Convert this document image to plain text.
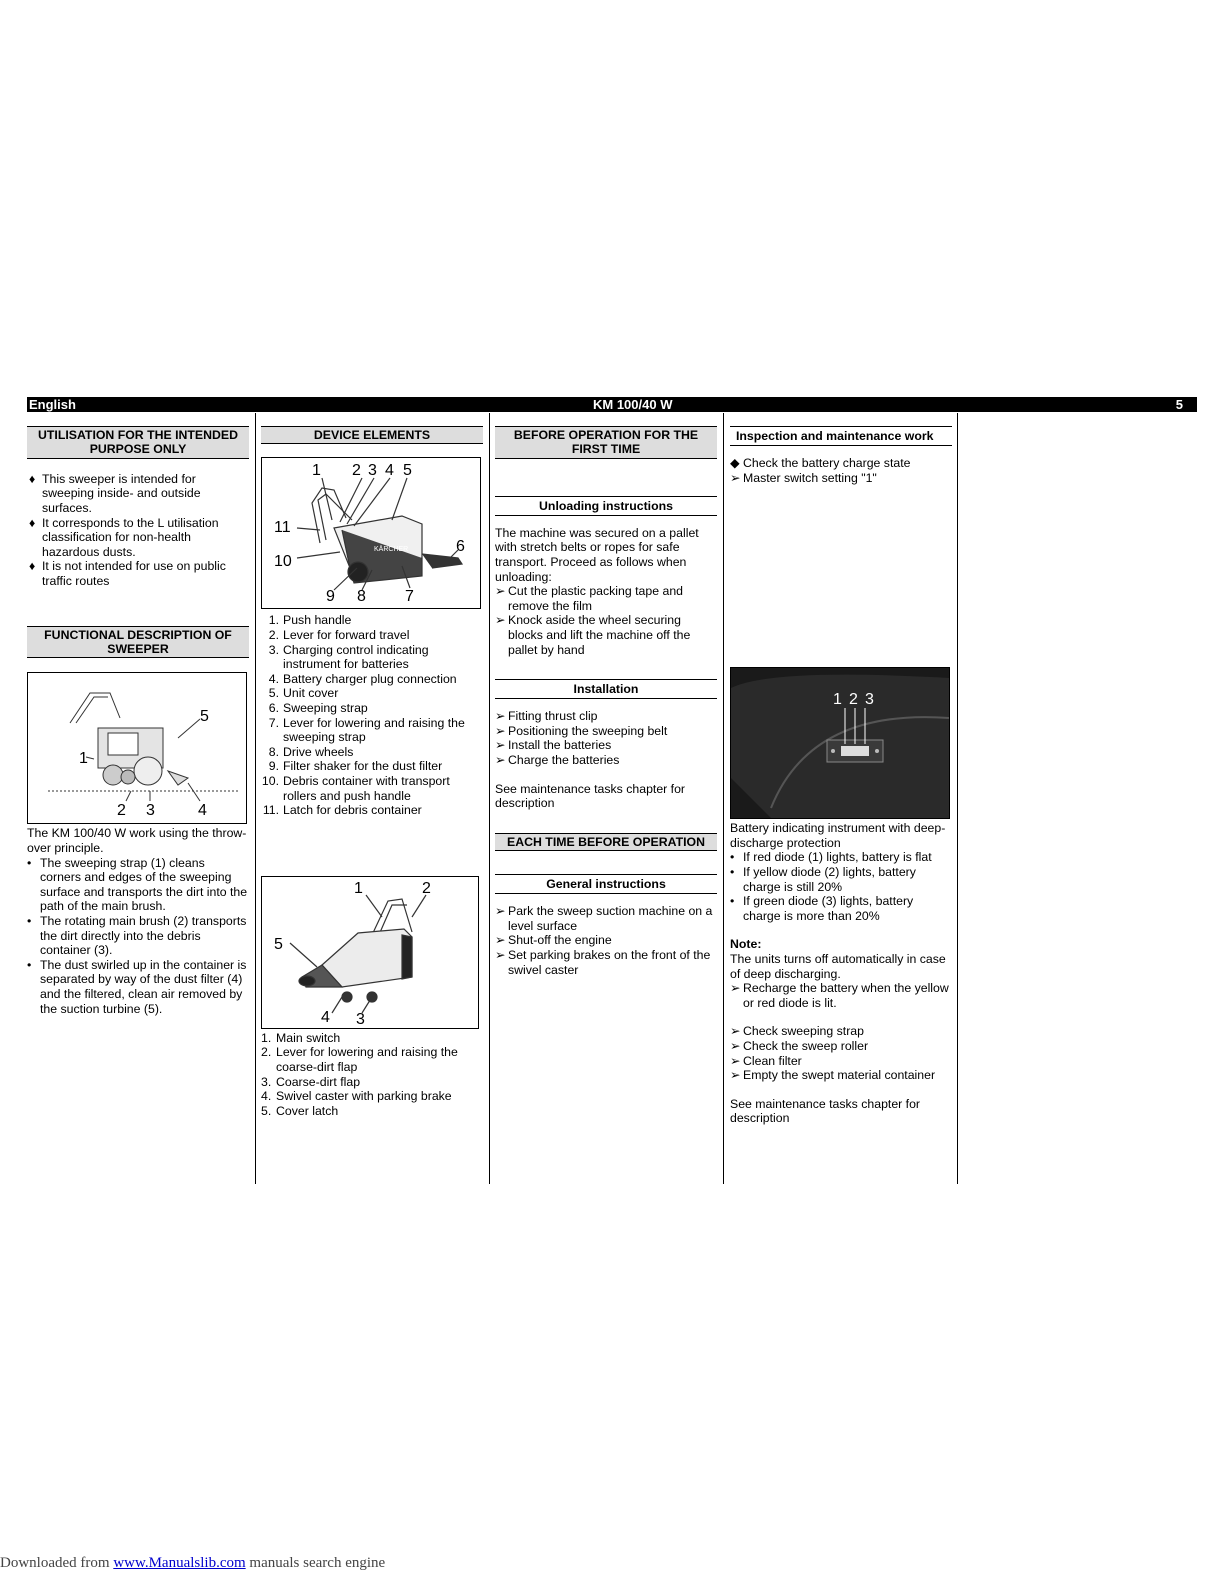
English	KM 100/40 W	5
UTILISATION FOR THE INTENDED PURPOSE ONLY
♦ This sweeper is intended for sweeping inside- and outside surfaces.
♦ It corresponds to the L utilisation classification for non-health hazardous dusts.
♦ It is not intended for use on public traffic routes
FUNCTIONAL DESCRIPTION OF SWEEPER
5
1
2 3	4

The KM 100/40 W work using the throw-over principle.

• The sweeping strap (1) cleans corners and edges of the sweeping surface and transports the dirt into the path of the main brush.
• The rotating main brush (2) transports the dirt directly into the debris container (3).
• The dust swirled up in the container is separated by way of the dust filter (4) and the filtered, clean air removed by the suction turbine (5).
DEVICE ELEMENTS
KÄRCHER
1 2 3 4 5
6
7
8
9
10
11
1. Push handle
2. Lever for forward travel
3. Charging control indicating instrument for batteries
4. Battery charger plug connection
5. Unit cover
6. Sweeping strap
7. Lever for lowering and raising the sweeping strap
8. Drive wheels
9. Filter shaker for the dust filter
10. Debris container with transport rollers and push handle
11. Latch for debris container
1	2
3
4
5
1. Main switch
2. Lever for lowering and raising the coarse-dirt flap
3. Coarse-dirt flap
4. Swivel caster with parking brake
5. Cover latch
BEFORE OPERATION FOR THE FIRST TIME
Unloading instructions

The machine was secured on a pallet with stretch belts or ropes for safe transport. Proceed as follows when unloading:

➢ Cut the plastic packing tape and remove the film
➢ Knock aside the wheel securing blocks and lift the machine off the pallet by hand
Installation
➢ Fitting thrust clip
➢ Positioning the sweeping belt
➢ Install the batteries
➢ Charge the batteries

See maintenance tasks chapter for description

EACH TIME BEFORE OPERATION
General instructions
➢ Park the sweep suction machine on a level surface
➢ Shut-off the engine
➢ Set parking brakes on the front of the swivel caster
Inspection and maintenance work
◆ Check the battery charge state
➢ Master switch setting "1"
1 2 3

Battery indicating instrument with deep-discharge protection

• If red diode (1) lights, battery is flat
• If yellow diode (2) lights, battery charge is still 20%
• If green diode (3) lights, battery charge is more than 20%

Note:

The units turns off automatically in case of deep discharging.

➢ Recharge the battery when the yellow or red diode is lit.
➢ Check sweeping strap
➢ Check the sweep roller
➢ Clean filter
➢ Empty the swept material container

See maintenance tasks chapter for description

Downloaded from www.Manualslib.com manuals search engine
